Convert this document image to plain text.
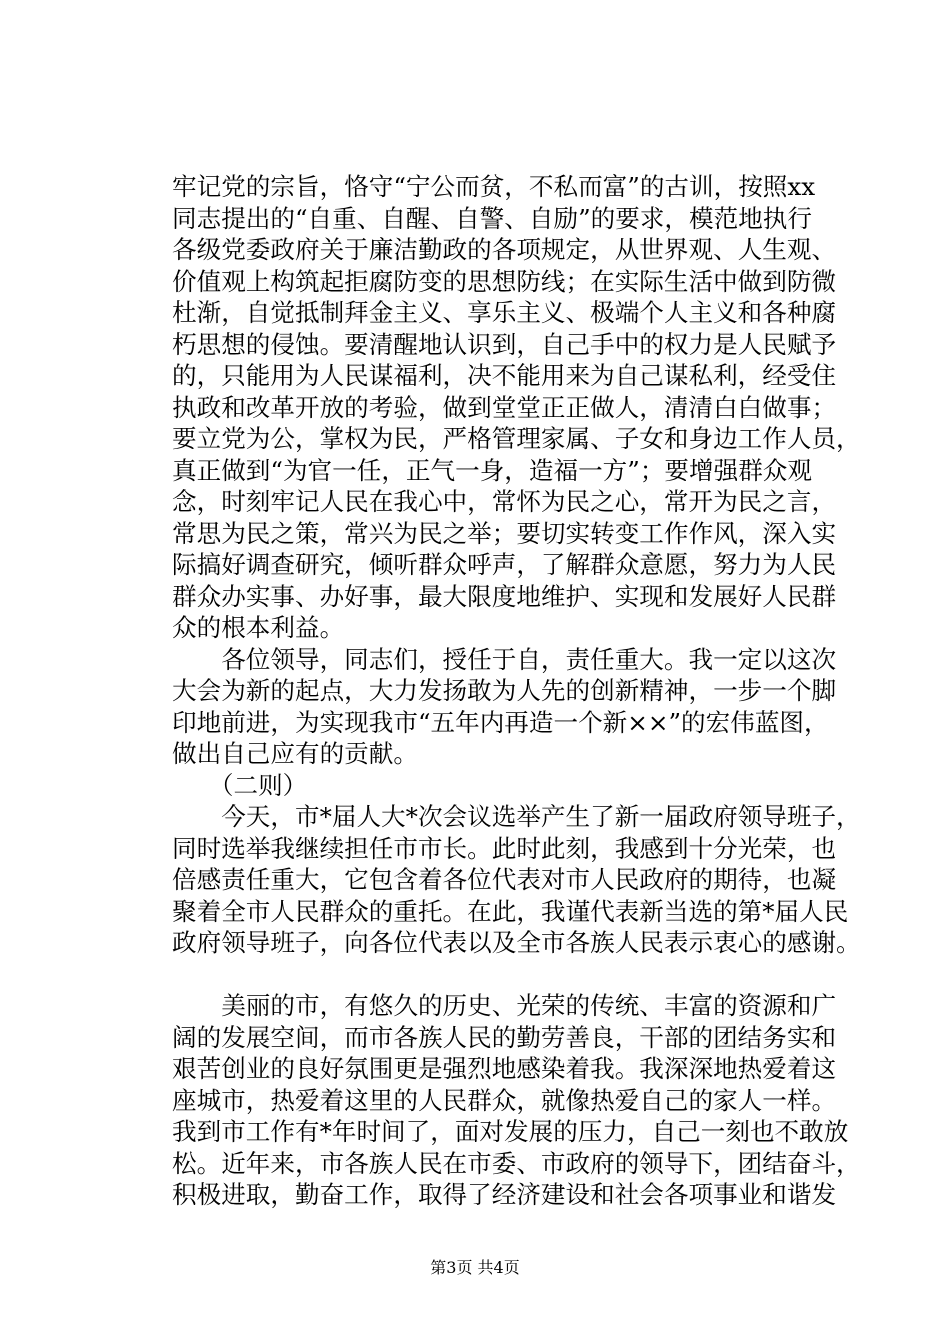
牢记党的宗旨，恪守“宁公而贫，不私而富”的古训，按照xx
同志提出的“自重、自醒、自警、自励”的要求，模范地执行
各级党委政府关于廉洁勤政的各项规定，从世界观、人生观、
价值观上构筑起拒腐防变的思想防线；在实际生活中做到防微
杜渐，自觉抵制拜金主义、享乐主义、极端个人主义和各种腐
朽思想的侵蚀。要清醒地认识到，自己手中的权力是人民赋予
的，只能用为人民谋福利，决不能用来为自己谋私利，经受住
执政和改革开放的考验，做到堂堂正正做人，清清白白做事；
要立党为公，掌权为民，严格管理家属、子女和身边工作人员，
真正做到“为官一任，正气一身，造福一方”；要增强群众观
念，时刻牢记人民在我心中，常怀为民之心，常开为民之言，
常思为民之策，常兴为民之举；要切实转变工作作风，深入实
际搞好调查研究，倾听群众呼声，了解群众意愿，努力为人民
群众办实事、办好事，最大限度地维护、实现和发展好人民群
众的根本利益。
　　各位领导，同志们，授任于自，责任重大。我一定以这次
大会为新的起点，大力发扬敢为人先的创新精神，一步一个脚
印地前进，为实现我市“五年内再造一个新××”的宏伟蓝图，
做出自己应有的贡献。
　　（二则）
　　今天，市*届人大*次会议选举产生了新一届政府领导班子，
同时选举我继续担任市市长。此时此刻，我感到十分光荣，也
倍感责任重大，它包含着各位代表对市人民政府的期待，也凝
聚着全市人民群众的重托。在此，我谨代表新当选的第*届人民
政府领导班子，向各位代表以及全市各族人民表示衷心的感谢。
　　美丽的市，有悠久的历史、光荣的传统、丰富的资源和广
阔的发展空间，而市各族人民的勤劳善良，干部的团结务实和
艰苦创业的良好氛围更是强烈地感染着我。我深深地热爱着这
座城市，热爱着这里的人民群众，就像热爱自己的家人一样。
我到市工作有*年时间了，面对发展的压力，自己一刻也不敢放
松。近年来，市各族人民在市委、市政府的领导下，团结奋斗，
积极进取，勤奋工作，取得了经济建设和社会各项事业和谐发
第3页 共4页
